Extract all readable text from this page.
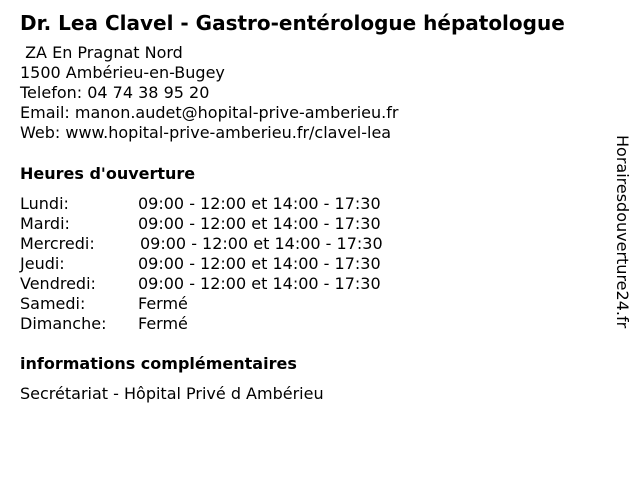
Dr. Lea Clavel - Gastro-entérologue hépatologue
ZA En Pragnat Nord
1500 Ambérieu-en-Bugey
Telefon: 04 74 38 95 20
Email: manon.audet@hopital-prive-amberieu.fr
Web: www.hopital-prive-amberieu.fr/clavel-lea
Heures d'ouverture
Lundi:	09:00 - 12:00 et 14:00 - 17:30
Mardi:	09:00 - 12:00 et 14:00 - 17:30
Mercredi:	09:00 - 12:00 et 14:00 - 17:30
Jeudi:	09:00 - 12:00 et 14:00 - 17:30
Vendredi:	09:00 - 12:00 et 14:00 - 17:30
Samedi:	Fermé
Dimanche: Fermé
informations complémentaires
Secrétariat - Hôpital Privé d Ambérieu
Horairesdouverture24.fr
